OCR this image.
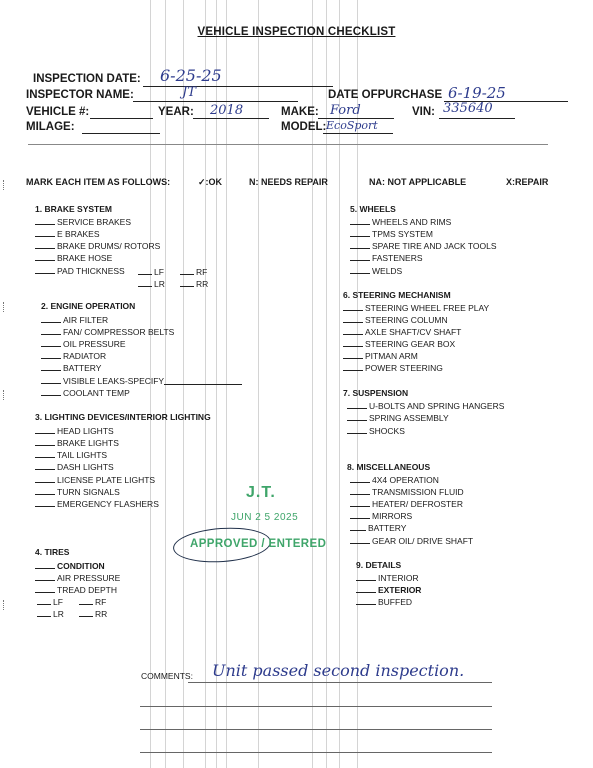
VEHICLE INSPECTION CHECKLIST
INSPECTION DATE: 6-25-25
INSPECTOR NAME:	JT	DATE OFPURCHASE 6-19-25
VEHICLE #:	YEAR: 2018	MAKE: Ford	VIN: 335640
MILAGE:	MODEL: EcoSport
MARK EACH ITEM AS FOLLOWS:	✓:OK	N: NEEDS REPAIR	NA: NOT APPLICABLE	X:REPAIR
1. BRAKE SYSTEM
SERVICE BRAKES
E BRAKES
BRAKE DRUMS/ ROTORS
BRAKE HOSE
PAD THICKNESS	LF	RF
LR	RR
2. ENGINE OPERATION
AIR FILTER
FAN/ COMPRESSOR BELTS
OIL PRESSURE
RADIATOR
BATTERY
VISIBLE LEAKS-SPECIFY
COOLANT TEMP
3. LIGHTING DEVICES/INTERIOR LIGHTING
HEAD LIGHTS
BRAKE LIGHTS
TAIL LIGHTS
DASH LIGHTS
LICENSE PLATE LIGHTS
TURN SIGNALS
EMERGENCY FLASHERS
4. TIRES
CONDITION
AIR PRESSURE
TREAD DEPTH
LF	RF
LR	RR
5. WHEELS
WHEELS AND RIMS
TPMS SYSTEM
SPARE TIRE AND JACK TOOLS
FASTENERS
WELDS
6. STEERING MECHANISM
STEERING WHEEL FREE PLAY
STEERING COLUMN
AXLE SHAFT/CV SHAFT
STEERING GEAR BOX
PITMAN ARM
POWER STEERING
7. SUSPENSION
U-BOLTS AND SPRING HANGERS
SPRING ASSEMBLY
SHOCKS
8. MISCELLANEOUS
4X4 OPERATION
TRANSMISSION FLUID
HEATER/ DEFROSTER
MIRRORS
BATTERY
GEAR OIL/ DRIVE SHAFT
9. DETAILS
INTERIOR
EXTERIOR
BUFFED
J.T.
JUN 2 5 2025
APPROVED / ENTERED
COMMENTS: Unit passed second inspection.
